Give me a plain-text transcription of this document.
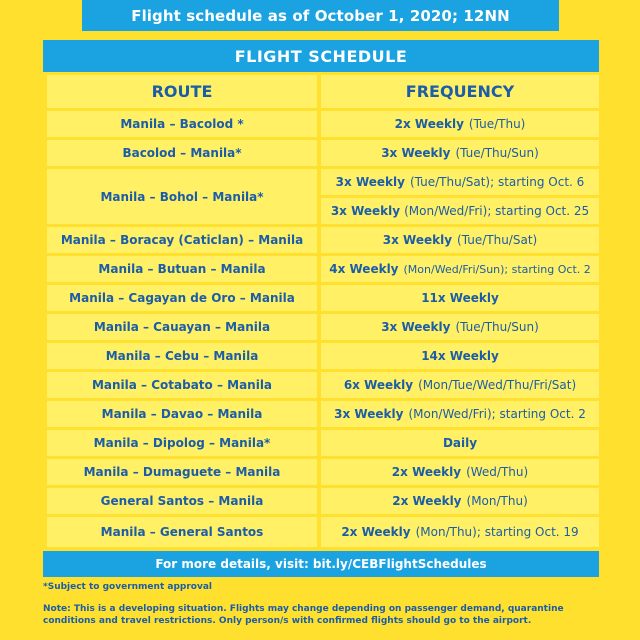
Flight schedule as of October 1, 2020; 12NN
FLIGHT SCHEDULE
ROUTE	FREQUENCY
Manila – Bacolod *	2x Weekly (Tue/Thu)
Bacolod – Manila*	3x Weekly (Tue/Thu/Sun)
Manila – Bohol – Manila*
3x Weekly (Tue/Thu/Sat); starting Oct. 6
3x Weekly (Mon/Wed/Fri); starting Oct. 25
Manila – Boracay (Caticlan) – Manila	3x Weekly (Tue/Thu/Sat)
Manila – Butuan – Manila	4x Weekly (Mon/Wed/Fri/Sun); starting Oct. 2
Manila – Cagayan de Oro – Manila	11x Weekly
Manila – Cauayan – Manila	3x Weekly (Tue/Thu/Sun)
Manila – Cebu – Manila	14x Weekly
Manila – Cotabato – Manila	6x Weekly (Mon/Tue/Wed/Thu/Fri/Sat)
Manila – Davao – Manila	3x Weekly (Mon/Wed/Fri); starting Oct. 2
Manila – Dipolog – Manila*	Daily
Manila – Dumaguete – Manila	2x Weekly (Wed/Thu)
General Santos – Manila	2x Weekly (Mon/Thu)
Manila – General Santos	2x Weekly (Mon/Thu); starting Oct. 19
For more details, visit: bit.ly/CEBFlightSchedules
*Subject to government approval
Note: This is a developing situation. Flights may change depending on passenger demand, quarantine conditions and travel restrictions. Only person/s with confirmed flights should go to the airport.
